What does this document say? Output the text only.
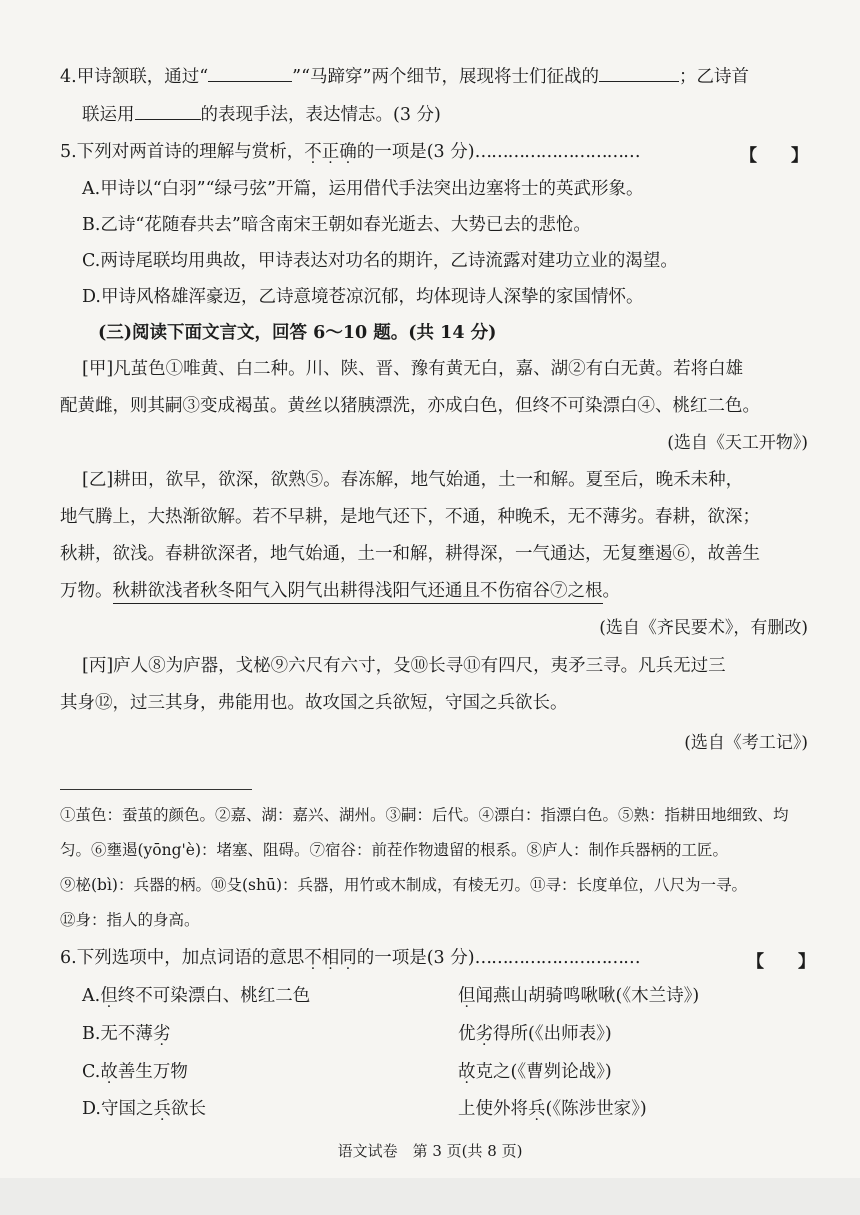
4.甲诗颔联，通过“	”“马蹄穿”两个细节，展现将士们征战的	；乙诗首
联运用	的表现手法，表达情志。(3 分)
5.下列对两首诗的理解与赏析，不正确的一项是(3 分)…………………………	【　　】
A.甲诗以“白羽”“绿弓弦”开篇，运用借代手法突出边塞将士的英武形象。
B.乙诗“花随春共去”暗含南宋王朝如春光逝去、大势已去的悲怆。
C.两诗尾联均用典故，甲诗表达对功名的期许，乙诗流露对建功立业的渴望。
D.甲诗风格雄浑豪迈，乙诗意境苍凉沉郁，均体现诗人深挚的家国情怀。
(三)阅读下面文言文，回答 6～10 题。(共 14 分)
[甲]凡茧色①唯黄、白二种。川、陕、晋、豫有黄无白，嘉、湖②有白无黄。若将白雄
配黄雌，则其嗣③变成褐茧。黄丝以猪胰漂洗，亦成白色，但终不可染漂白④、桃红二色。
(选自《天工开物》)
[乙]耕田，欲早，欲深，欲熟⑤。春冻解，地气始通，土一和解。夏至后，晚禾未种，
地气腾上，大热渐欲解。若不早耕，是地气还下，不通，种晚禾，无不薄劣。春耕，欲深；
秋耕，欲浅。春耕欲深者，地气始通，土一和解，耕得深，一气通达，无复壅遏⑥，故善生
万物。秋耕欲浅者秋冬阳气入阴气出耕得浅阳气还通且不伤宿谷⑦之根。
(选自《齐民要术》，有删改)
[丙]庐人⑧为庐器，戈柲⑨六尺有六寸，殳⑩长寻⑪有四尺，夷矛三寻。凡兵无过三
其身⑫，过三其身，弗能用也。故攻国之兵欲短，守国之兵欲长。
(选自《考工记》)
①茧色：蚕茧的颜色。②嘉、湖：嘉兴、湖州。③嗣：后代。④漂白：指漂白色。⑤熟：指耕田地细致、均
匀。⑥壅遏(yōng'è)：堵塞、阻碍。⑦宿谷：前茬作物遗留的根系。⑧庐人：制作兵器柄的工匠。
⑨柲(bì)：兵器的柄。⑩殳(shū)：兵器，用竹或木制成，有棱无刃。⑪寻：长度单位，八尺为一寻。
⑫身：指人的身高。
6.下列选项中，加点词语的意思不相同的一项是(3 分)…………………………	【　　】
A.但终不可染漂白、桃红二色	但闻燕山胡骑鸣啾啾(《木兰诗》)
B.无不薄劣	优劣得所(《出师表》)
C.故善生万物	故克之(《曹刿论战》)
D.守国之兵欲长	上使外将兵(《陈涉世家》)
语文试卷　第 3 页(共 8 页)
